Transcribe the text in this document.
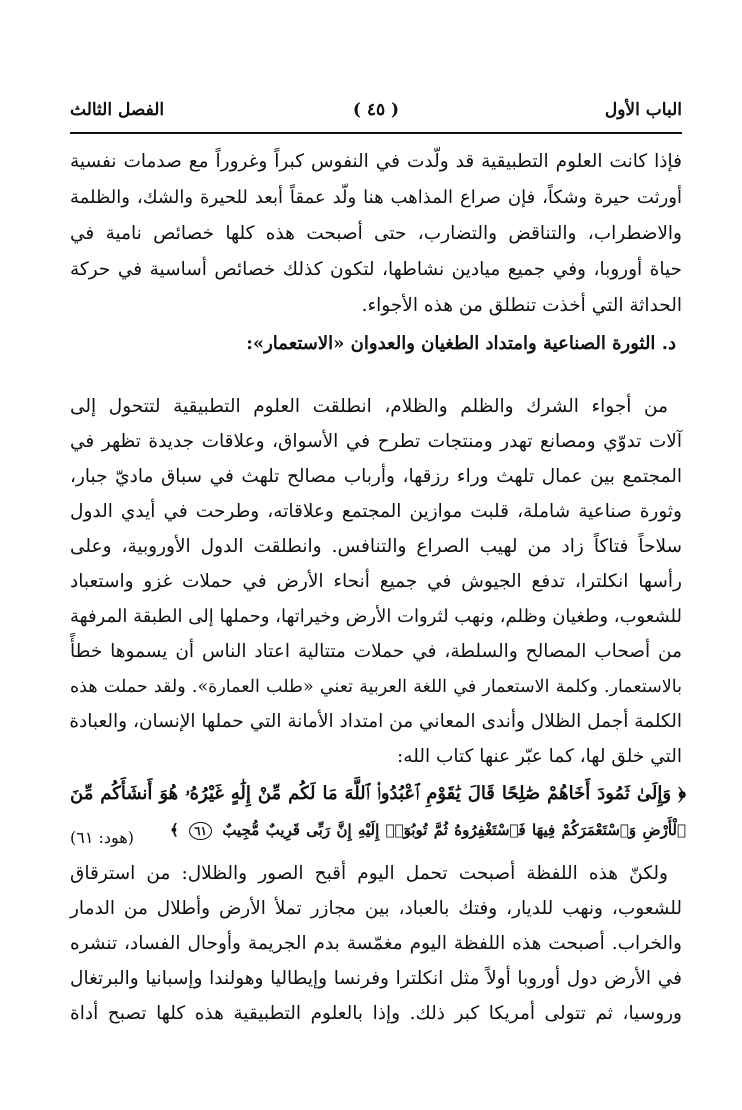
الباب الأول
( ٤٥ )
الفصل الثالث
فإذا كانت العلوم التطبيقية قد ولّدت في النفوس كبراً وغروراً مع صدمات نفسية
أورثت حيرة وشكاً، فإن صراع المذاهب هنا ولّد عمقاً أبعد للحيرة والشك، والظلمة
والاضطراب، والتناقض والتضارب، حتى أصبحت هذه كلها خصائص نامية في
حياة أوروبا، وفي جميع ميادين نشاطها، لتكون كذلك خصائص أساسية في حركة
الحداثة التي أخذت تنطلق من هذه الأجواء.
د. الثورة الصناعية وامتداد الطغيان والعدوان «الاستعمار»:
من أجواء الشرك والظلم والظلام، انطلقت العلوم التطبيقية لتتحول إلى
آلات تدوّي ومصانع تهدر ومنتجات تطرح في الأسواق، وعلاقات جديدة تظهر في
المجتمع بين عمال تلهث وراء رزقها، وأرباب مصالح تلهث في سباق ماديّ جبار،
وثورة صناعية شاملة، قلبت موازين المجتمع وعلاقاته، وطرحت في أيدي الدول
سلاحاً فتاكاً زاد من لهيب الصراع والتنافس. وانطلقت الدول الأوروبية، وعلى
رأسها انكلترا، تدفع الجيوش في جميع أنحاء الأرض في حملات غزو واستعباد
للشعوب، وطغيان وظلم، ونهب لثروات الأرض وخيراتها، وحملها إلى الطبقة المرفهة
من أصحاب المصالح والسلطة، في حملات متتالية اعتاد الناس أن يسموها خطأً
بالاستعمار. وكلمة الاستعمار في اللغة العربية تعني «طلب العمارة». ولقد حملت هذه
الكلمة أجمل الظلال وأندى المعاني من امتداد الأمانة التي حملها الإنسان، والعبادة
التي خلق لها، كما عبّر عنها كتاب الله:
﴿ وَإِلَىٰ ثَمُودَ أَخَاهُمْ صَٰلِحًا قَالَ يَٰقَوْمِ ٱعْبُدُوا۟ ٱللَّهَ مَا لَكُم مِّنْ إِلَٰهٍ غَيْرُهُۥ هُوَ أَنشَأَكُم مِّنَ
ٱلْأَرْضِ وَٱسْتَعْمَرَكُمْ فِيهَا فَٱسْتَغْفِرُوهُ ثُمَّ تُوبُوٓا۟ إِلَيْهِ إِنَّ رَبِّى قَرِيبٌ مُّجِيبٌ ٦١ ﴾
(هود: ٦١)
ولكنّ هذه اللفظة أصبحت تحمل اليوم أقبح الصور والظلال: من استرقاق
للشعوب، ونهب للديار، وفتك بالعباد، بين مجازر تملأ الأرض وأطلال من الدمار
والخراب. أصبحت هذه اللفظة اليوم مغمّسة بدم الجريمة وأوحال الفساد، تنشره
في الأرض دول أوروبا أولاً مثل انكلترا وفرنسا وإيطاليا وهولندا وإسبانيا والبرتغال
وروسيا، ثم تتولى أمريكا كبر ذلك. وإذا بالعلوم التطبيقية هذه كلها تصبح أداة
